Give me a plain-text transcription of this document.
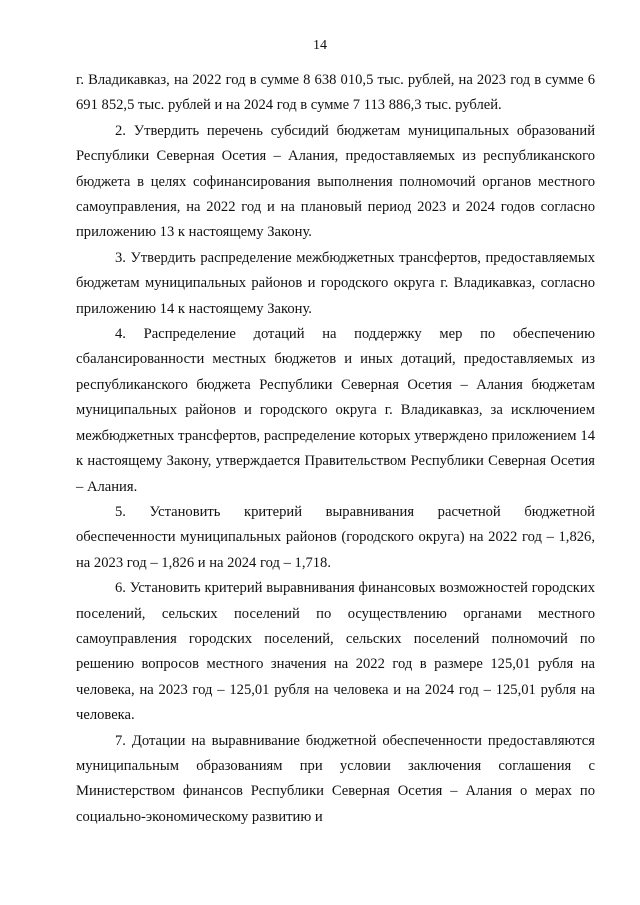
14

г. Владикавказ, на 2022 год в сумме 8 638 010,5 тыс. рублей, на 2023 год в сумме 6 691 852,5 тыс. рублей и на 2024 год в сумме 7 113 886,3 тыс. рублей.

2. Утвердить перечень субсидий бюджетам муниципальных образований Республики Северная Осетия – Алания, предоставляемых из республиканского бюджета в целях софинансирования выполнения полномочий органов местного самоуправления, на 2022 год и на плановый период 2023 и 2024 годов согласно приложению 13 к настоящему Закону.

3. Утвердить распределение межбюджетных трансфертов, предоставляемых бюджетам муниципальных районов и городского округа г. Владикавказ, согласно приложению 14 к настоящему Закону.

4. Распределение дотаций на поддержку мер по обеспечению сбалансированности местных бюджетов и иных дотаций, предоставляемых из республиканского бюджета Республики Северная Осетия – Алания бюджетам муниципальных районов и городского округа г. Владикавказ, за исключением межбюджетных трансфертов, распределение которых утверждено приложением 14 к настоящему Закону, утверждается Правительством Республики Северная Осетия – Алания.

5. Установить критерий выравнивания расчетной бюджетной обеспеченности муниципальных районов (городского округа) на 2022 год – 1,826, на 2023 год – 1,826 и на 2024 год – 1,718.

6. Установить критерий выравнивания финансовых возможностей городских поселений, сельских поселений по осуществлению органами местного самоуправления городских поселений, сельских поселений полномочий по решению вопросов местного значения на 2022 год в размере 125,01 рубля на человека, на 2023 год – 125,01 рубля на человека и на 2024 год – 125,01 рубля на человека.

7. Дотации на выравнивание бюджетной обеспеченности предоставляются муниципальным образованиям при условии заключения соглашения с Министерством финансов Республики Северная Осетия – Алания о мерах по социально-экономическому развитию и
